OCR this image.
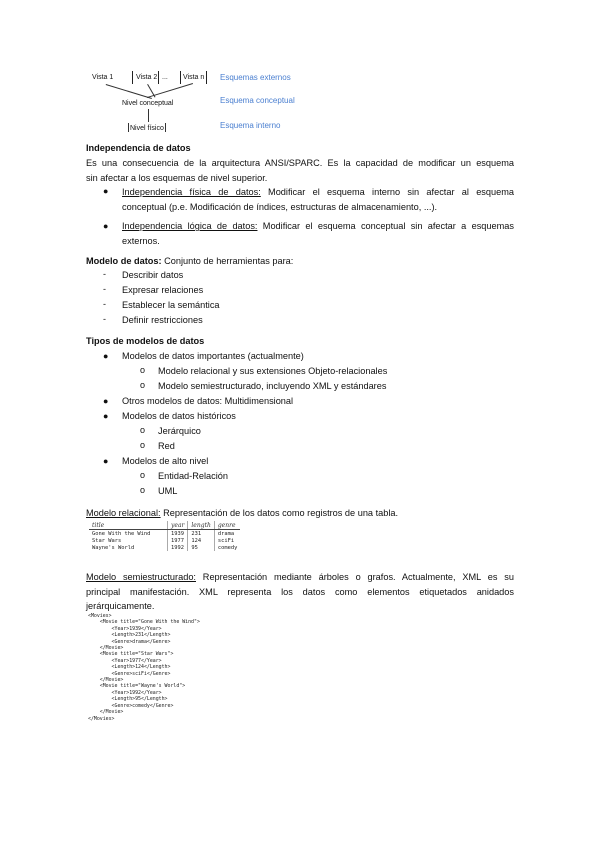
Vista 1	Vista 2 ... Vista n
Nivel conceptual
Nivel físico
Esquemas externos
Esquema conceptual
Esquema interno
Independencia de datos
Es una consecuencia de la arquitectura ANSI/SPARC. Es la capacidad de modificar un esquema
sin afectar a los esquemas de nivel superior.
● Independencia física de datos: Modificar el esquema interno sin afectar al esquema
conceptual (p.e. Modificación de índices, estructuras de almacenamiento, ...).
● Independencia lógica de datos: Modificar el esquema conceptual sin afectar a esquemas
externos.
Modelo de datos: Conjunto de herramientas para:
- Describir datos
- Expresar relaciones
- Establecer la semántica
- Definir restricciones
Tipos de modelos de datos
● Modelos de datos importantes (actualmente)
o Modelo relacional y sus extensiones Objeto-relacionales
o Modelo semiestructurado, incluyendo XML y estándares
● Otros modelos de datos: Multidimensional
● Modelos de datos históricos
o Jerárquico
o Red
● Modelos de alto nivel
o Entidad-Relación
o UML
Modelo relacional: Representación de los datos como registros de una tabla.
title	year	length	genre
Gone With the Wind	1939	231	drama
Star Wars	1977	124	sciFi
Wayne's World	1992	95	comedy
Modelo semiestructurado: Representación mediante árboles o grafos. Actualmente, XML es su
principal manifestación. XML representa los datos como elementos etiquetados anidados
jerárquicamente.
<Movies>
<Movie title="Gone With the Wind">
<Year>1939</Year>
<Length>231</Length>
<Genre>drama</Genre>
</Movie>
<Movie title="Star Wars">
<Year>1977</Year>
<Length>124</Length>
<Genre>sciFi</Genre>
</Movie>
<Movie title="Wayne's World">
<Year>1992</Year>
<Length>95</Length>
<Genre>comedy</Genre>
</Movie>
</Movies>
